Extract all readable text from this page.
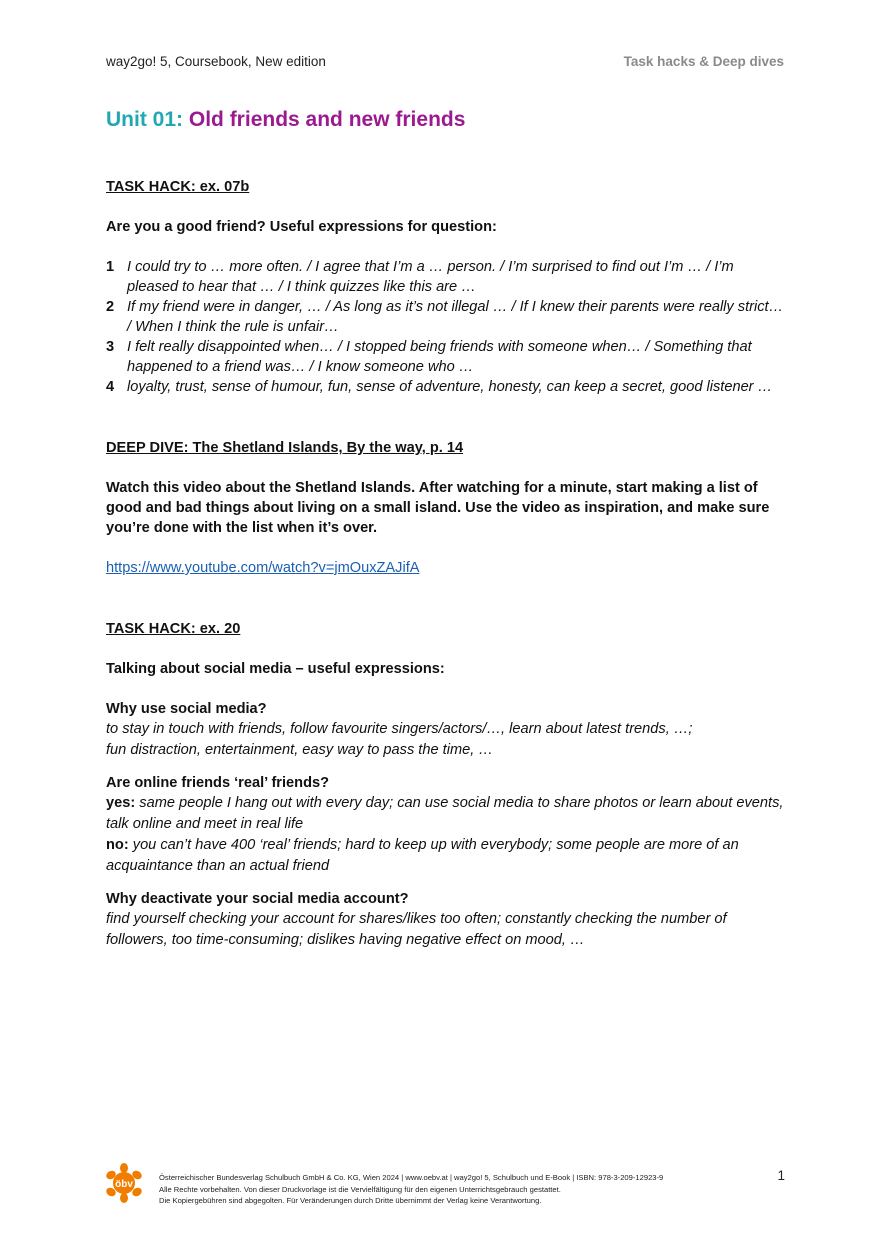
way2go! 5, Coursebook, New edition	Task hacks & Deep dives
Unit 01: Old friends and new friends
TASK HACK: ex. 07b
Are you a good friend? Useful expressions for question:
1 I could try to … more often. / I agree that I’m a … person. / I’m surprised to find out I’m … / I’m pleased to hear that … / I think quizzes like this are …
2 If my friend were in danger, … / As long as it’s not illegal … / If I knew their parents were really strict… / When I think the rule is unfair…
3 I felt really disappointed when… / I stopped being friends with someone when… / Something that happened to a friend was… / I know someone who …
4 loyalty, trust, sense of humour, fun, sense of adventure, honesty, can keep a secret, good listener …
DEEP DIVE: The Shetland Islands, By the way, p. 14
Watch this video about the Shetland Islands. After watching for a minute, start making a list of good and bad things about living on a small island. Use the video as inspiration, and make sure you’re done with the list when it’s over.
https://www.youtube.com/watch?v=jmOuxZAJifA
TASK HACK: ex. 20
Talking about social media – useful expressions:
Why use social media?
to stay in touch with friends, follow favourite singers/actors/…, learn about latest trends, …;
fun distraction, entertainment, easy way to pass the time, …
Are online friends ‘real’ friends?
yes: same people I hang out with every day; can use social media to share photos or learn about events, talk online and meet in real life
no: you can’t have 400 ‘real’ friends; hard to keep up with everybody; some people are more of an acquaintance than an actual friend
Why deactivate your social media account?
find yourself checking your account for shares/likes too often; constantly checking the number of followers, too time-consuming; dislikes having negative effect on mood, …
öbv
Österreichischer Bundesverlag Schulbuch GmbH & Co. KG, Wien 2024 | www.oebv.at | way2go! 5, Schulbuch und E-Book | ISBN: 978-3-209-12923-9
Alle Rechte vorbehalten. Von dieser Druckvorlage ist die Vervielfältigung für den eigenen Unterrichtsgebrauch gestattet.
Die Kopiergebühren sind abgegolten. Für Veränderungen durch Dritte übernimmt der Verlag keine Verantwortung.
1
